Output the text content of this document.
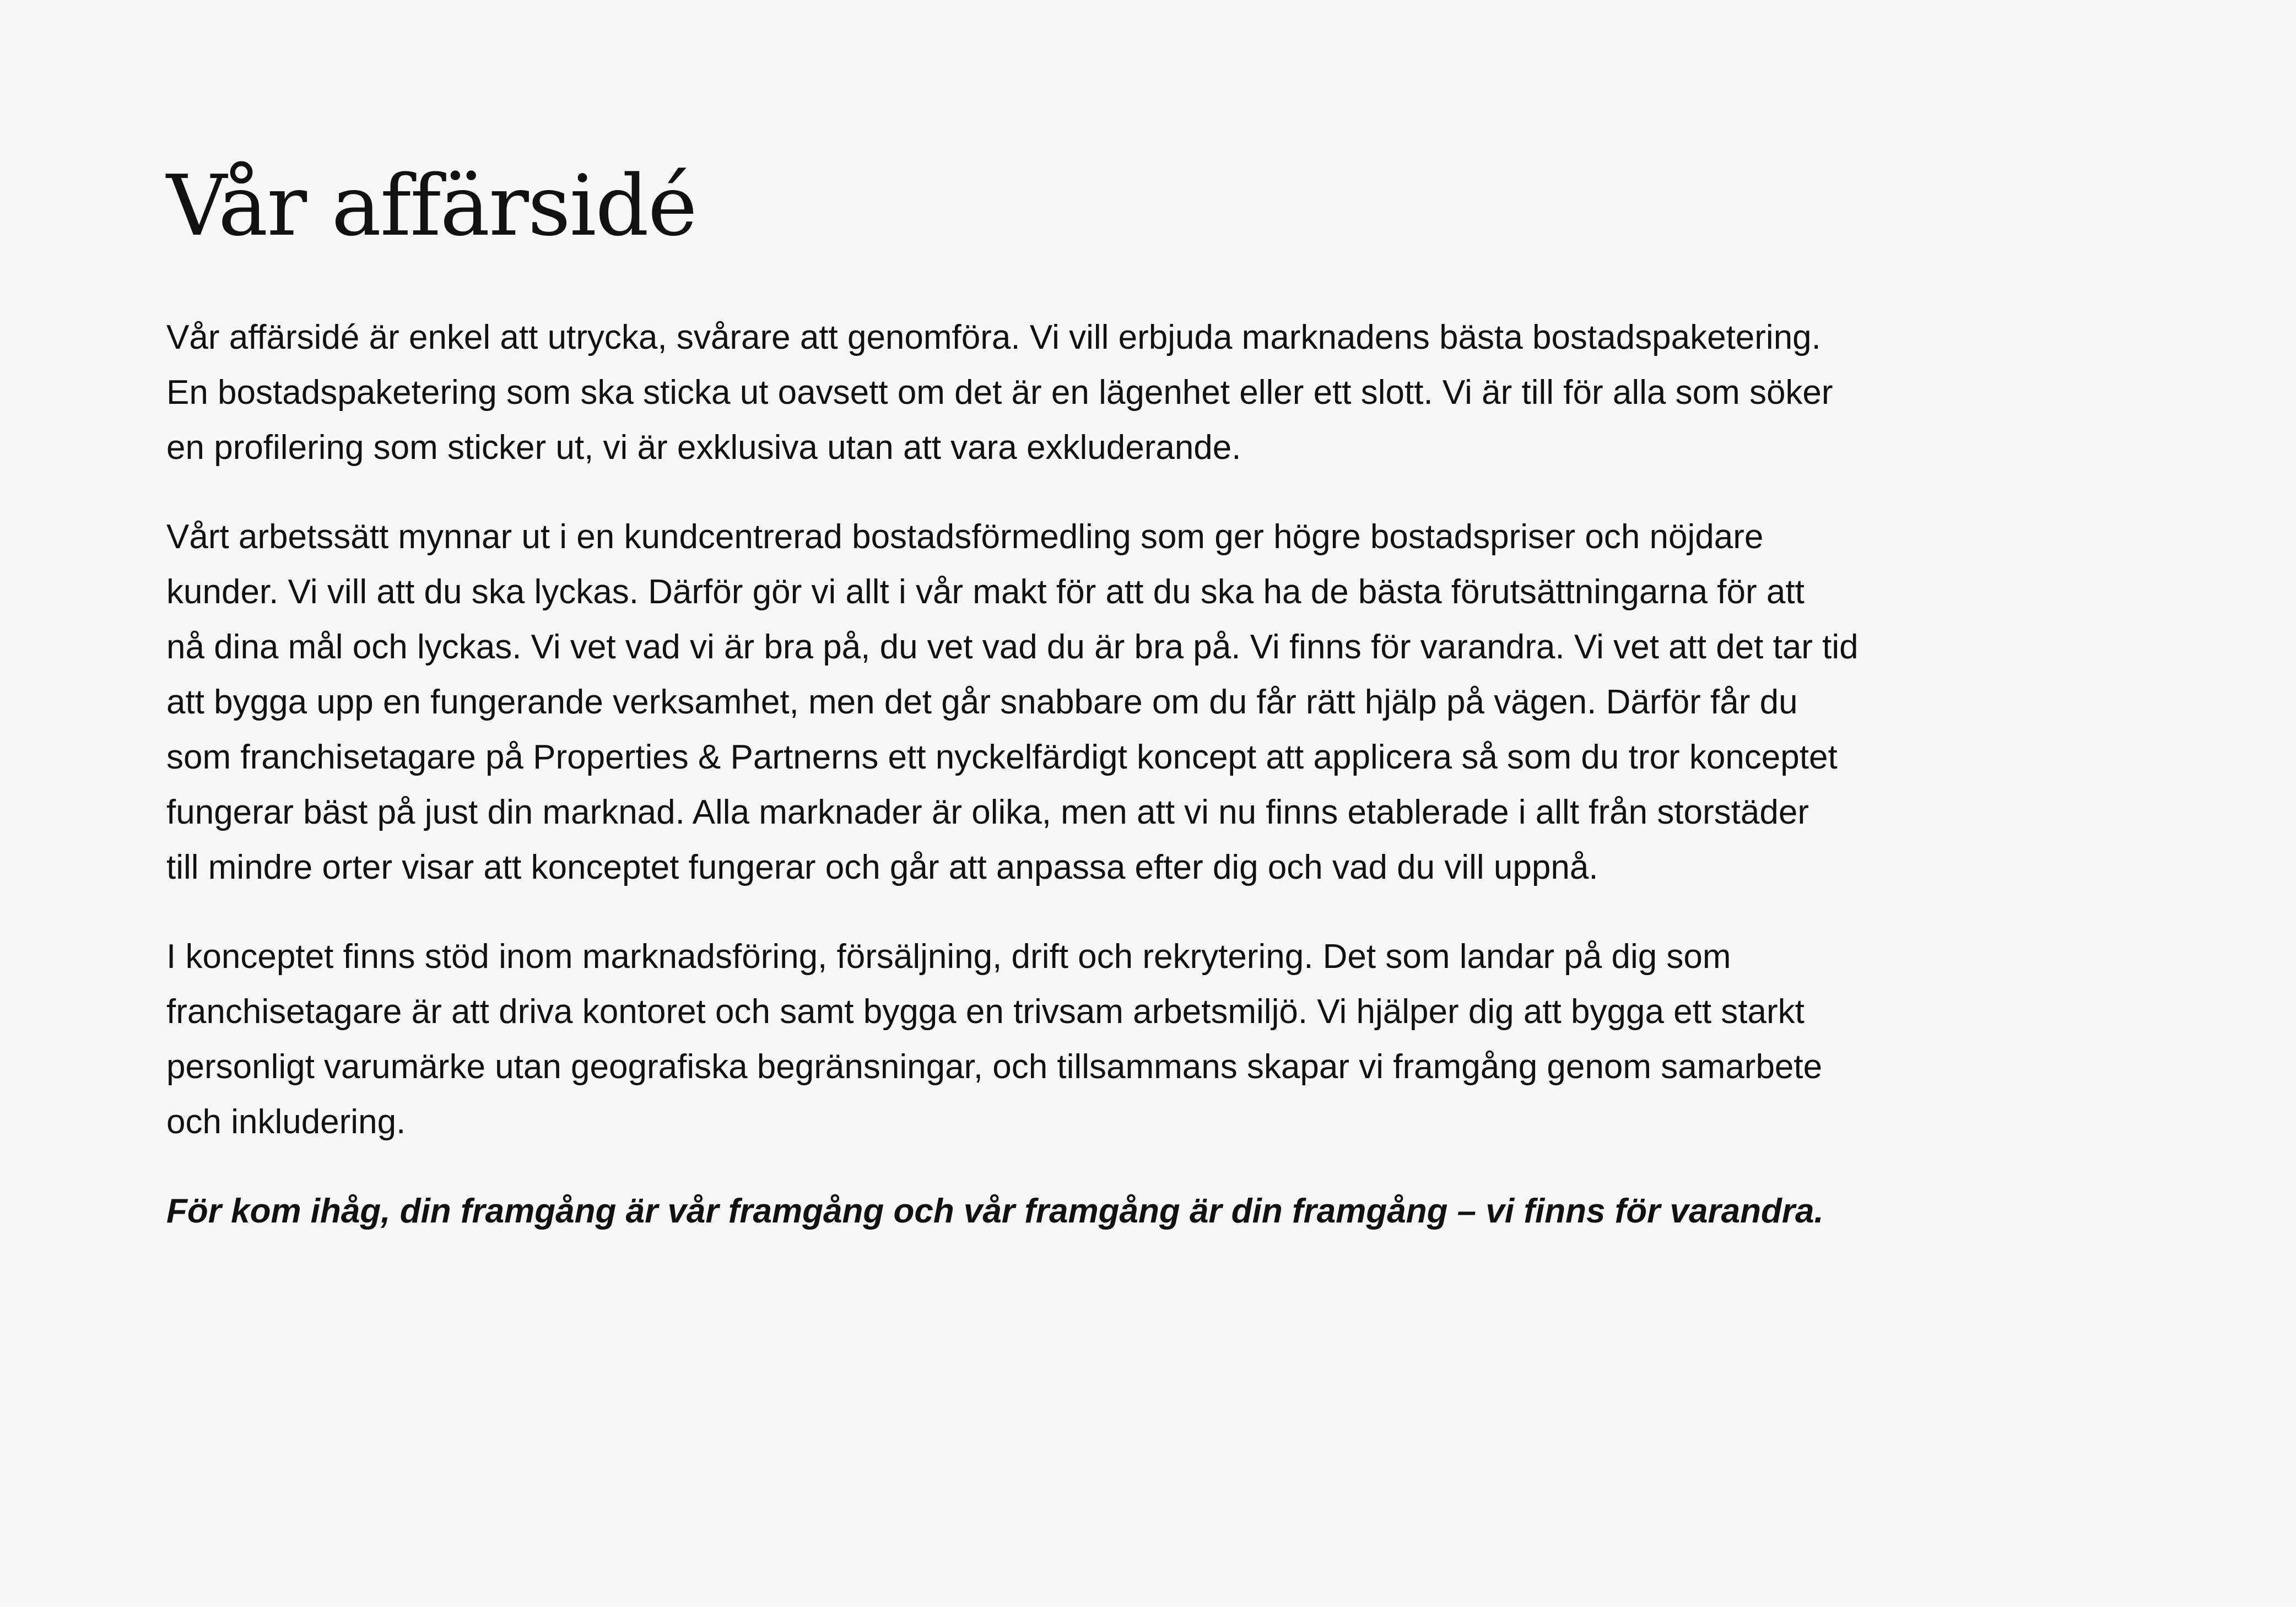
Vår affärsidé

Vår affärsidé är enkel att utrycka, svårare att genomföra. Vi vill erbjuda marknadens bästa bostadspaketering.
En bostadspaketering som ska sticka ut oavsett om det är en lägenhet eller ett slott. Vi är till för alla som söker
en profilering som sticker ut, vi är exklusiva utan att vara exkluderande.

Vårt arbetssätt mynnar ut i en kundcentrerad bostadsförmedling som ger högre bostadspriser och nöjdare
kunder. Vi vill att du ska lyckas. Därför gör vi allt i vår makt för att du ska ha de bästa förutsättningarna för att
nå dina mål och lyckas. Vi vet vad vi är bra på, du vet vad du är bra på. Vi finns för varandra. Vi vet att det tar tid
att bygga upp en fungerande verksamhet, men det går snabbare om du får rätt hjälp på vägen. Därför får du
som franchisetagare på Properties & Partnerns ett nyckelfärdigt koncept att applicera så som du tror konceptet
fungerar bäst på just din marknad. Alla marknader är olika, men att vi nu finns etablerade i allt från storstäder
till mindre orter visar att konceptet fungerar och går att anpassa efter dig och vad du vill uppnå.

I konceptet finns stöd inom marknadsföring, försäljning, drift och rekrytering. Det som landar på dig som
franchisetagare är att driva kontoret och samt bygga en trivsam arbetsmiljö. Vi hjälper dig att bygga ett starkt
personligt varumärke utan geografiska begränsningar, och tillsammans skapar vi framgång genom samarbete
och inkludering.

För kom ihåg, din framgång är vår framgång och vår framgång är din framgång – vi finns för varandra.
